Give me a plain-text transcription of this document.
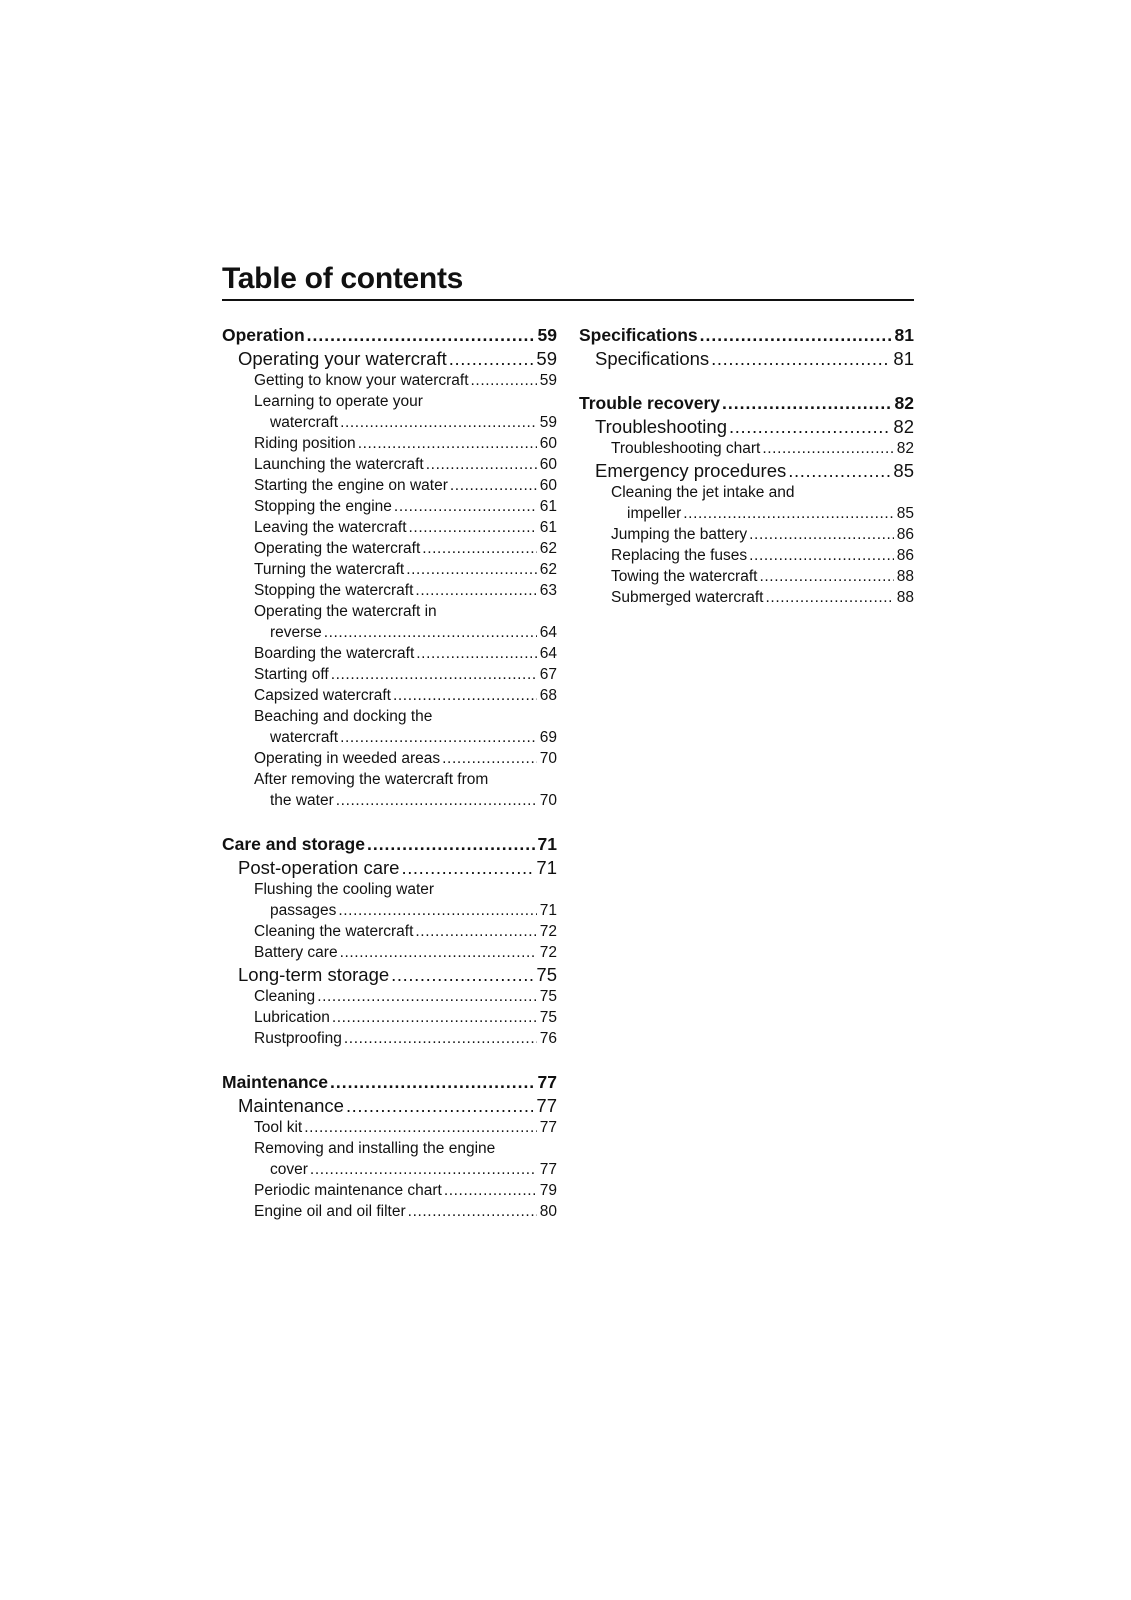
Table of contents
Operation .....	59
Operating your watercraft .....	59
Getting to know your watercraft .....	59
Learning to operate your
watercraft .....	59
Riding position .....	60
Launching the watercraft .....	60
Starting the engine on water .....	60
Stopping the engine .....	61
Leaving the watercraft .....	61
Operating the watercraft .....	62
Turning the watercraft .....	62
Stopping the watercraft .....	63
Operating the watercraft in
reverse .....	64
Boarding the watercraft .....	64
Starting off .....	67
Capsized watercraft .....	68
Beaching and docking the
watercraft .....	69
Operating in weeded areas .....	70
After removing the watercraft from
the water .....	70
Care and storage .....	71
Post-operation care .....	71
Flushing the cooling water
passages .....	71
Cleaning the watercraft .....	72
Battery care .....	72
Long-term storage .....	75
Cleaning .....	75
Lubrication .....	75
Rustproofing .....	76
Maintenance .....	77
Maintenance .....	77
Tool kit .....	77
Removing and installing the engine
cover .....	77
Periodic maintenance chart .....	79
Engine oil and oil filter .....	80
Specifications .....	81
Specifications .....	81
Trouble recovery .....	82
Troubleshooting .....	82
Troubleshooting chart .....	82
Emergency procedures .....	85
Cleaning the jet intake and
impeller .....	85
Jumping the battery .....	86
Replacing the fuses .....	86
Towing the watercraft .....	88
Submerged watercraft .....	88
